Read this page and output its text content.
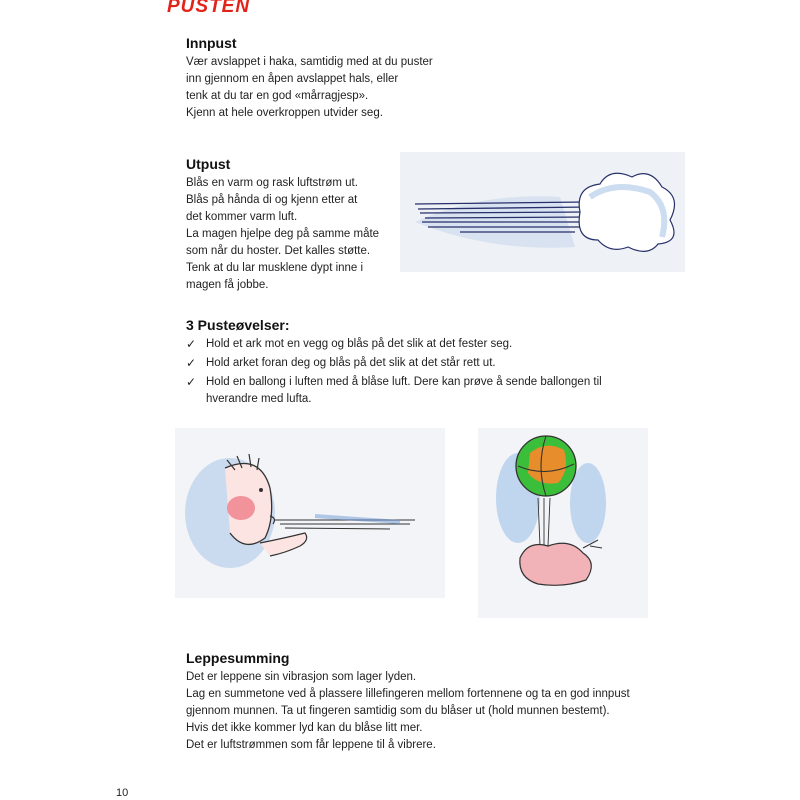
PUSTEN
Innpust
Vær avslappet i haka, samtidig med at du puster
inn gjennom en åpen avslappet hals, eller
tenk at du tar en god «mårragjesp».
Kjenn at hele overkroppen utvider seg.
Utpust
Blås en varm og rask luftstrøm ut.
Blås på hånda di og kjenn etter at
det kommer varm luft.
La magen hjelpe deg på samme måte
som når du hoster. Det kalles støtte.
Tenk at du lar musklene dypt inne i
magen få jobbe.
3 Pusteøvelser:
✓ Hold et ark mot en vegg og blås på det slik at det fester seg.
✓ Hold arket foran deg og blås på det slik at det står rett ut.
✓ Hold en ballong i luften med å blåse luft. Dere kan prøve å sende ballongen til hverandre med lufta.
Leppesumming
Det er leppene sin vibrasjon som lager lyden.
Lag en summetone ved å plassere lillefingeren mellom fortennene og ta en god innpust
gjennom munnen. Ta ut fingeren samtidig som du blåser ut (hold munnen bestemt).
Hvis det ikke kommer lyd kan du blåse litt mer.
Det er luftstrømmen som får leppene til å vibrere.
10
